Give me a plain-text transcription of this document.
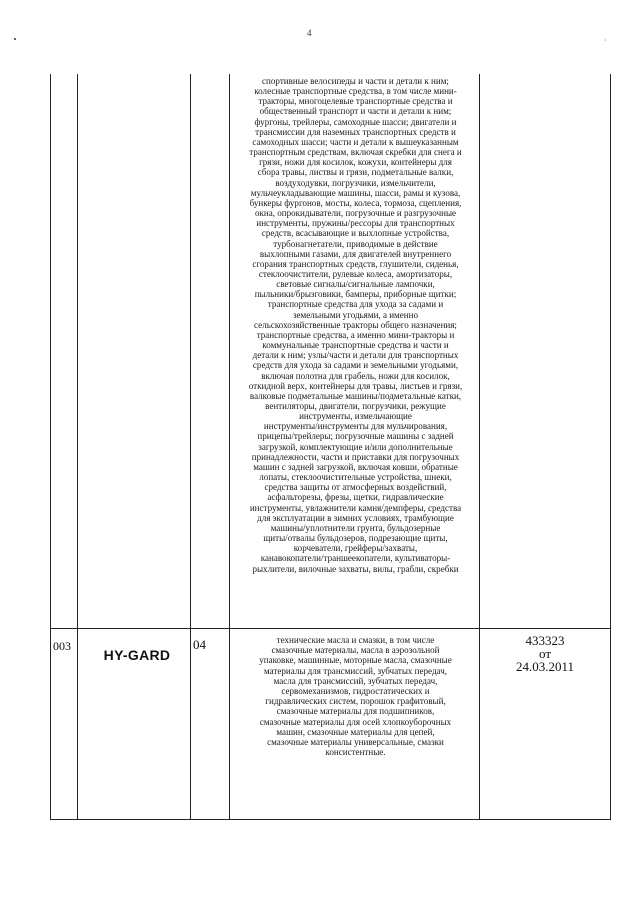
4
·
спортивные велосипеды и части и детали к ним;
колесные транспортные средства, в том числе мини-
тракторы, многоцелевые транспортные средства и
общественный транспорт и части и детали к ним;
фургоны, трейлеры, самоходные шасси; двигатели и
трансмиссии для наземных транспортных средств и
самоходных шасси; части и детали к вышеуказанным
транспортным средствам, включая скребки для снега и
грязи, ножи для косилок, кожухи, контейнеры для
сбора травы, листвы и грязи, подметальные валки,
воздуходувки, погрузчики, измельчители,
мульчеукладывающие машины, шасси, рамы и кузова,
бункеры фургонов, мосты, колеса, тормоза, сцепления,
окна, опрокидыватели, погрузочные и разгрузочные
инструменты, пружины/рессоры для транспортных
средств, всасывающие и выхлопные устройства,
турбонагнетатели, приводимые в действие
выхлопными газами, для двигателей внутреннего
сгорания транспортных средств, глушители, сиденья,
стеклоочистители, рулевые колеса, амортизаторы,
световые сигналы/сигнальные лампочки,
пыльники/брызговики, бамперы, приборные щитки;
транспортные средства для ухода за садами и
земельными угодьями, а именно
сельскохозяйственные тракторы общего назначения;
транспортные средства, а именно мини-тракторы и
коммунальные транспортные средства и части и
детали к ним; узлы/части и детали для транспортных
средств для ухода за садами и земельными угодьями,
включая полотна для грабель, ножи для косилок,
откидной верх, контейнеры для травы, листьев и грязи,
валковые подметальные машины/подметальные катки,
вентиляторы, двигатели, погрузчики, режущие
инструменты, измельчающие
инструменты/инструменты для мульчирования,
прицепы/трейлеры; погрузочные машины с задней
загрузкой, комплектующие и/или дополнительные
принадлежности, части и приставки для погрузочных
машин с задней загрузкой, включая ковши, обратные
лопаты, стеклоочистительные устройства, шнеки,
средства защиты от атмосферных воздействий,
асфальторезы, фрезы, щетки, гидравлические
инструменты, увлажнители камня/демпферы, средства
для эксплуатации в зимних условиях, трамбующие
машины/уплотнители грунта, бульдозерные
щиты/отвалы бульдозеров, подрезающие щиты,
корчеватели, грейферы/захваты,
канавокопатели/траншеекопатели, культиваторы-
рыхлители, вилочные захваты, вилы, грабли, скребки
003
HY-GARD
04	технические масла и смазки, в том числе
смазочные материалы, масла в аэрозольной
упаковке, машинные, моторные масла, смазочные
материалы для трансмиссий, зубчатых передач,
масла для трансмиссий, зубчатых передач,
сервомеханизмов, гидростатических и
гидравлических систем, порошок графитовый,
смазочные материалы для подшипников,
смазочные материалы для осей хлопкоуборочных
машин, смазочные материалы для цепей,
смазочные материалы универсальные, смазки
консистентные.
433323
от
24.03.2011
